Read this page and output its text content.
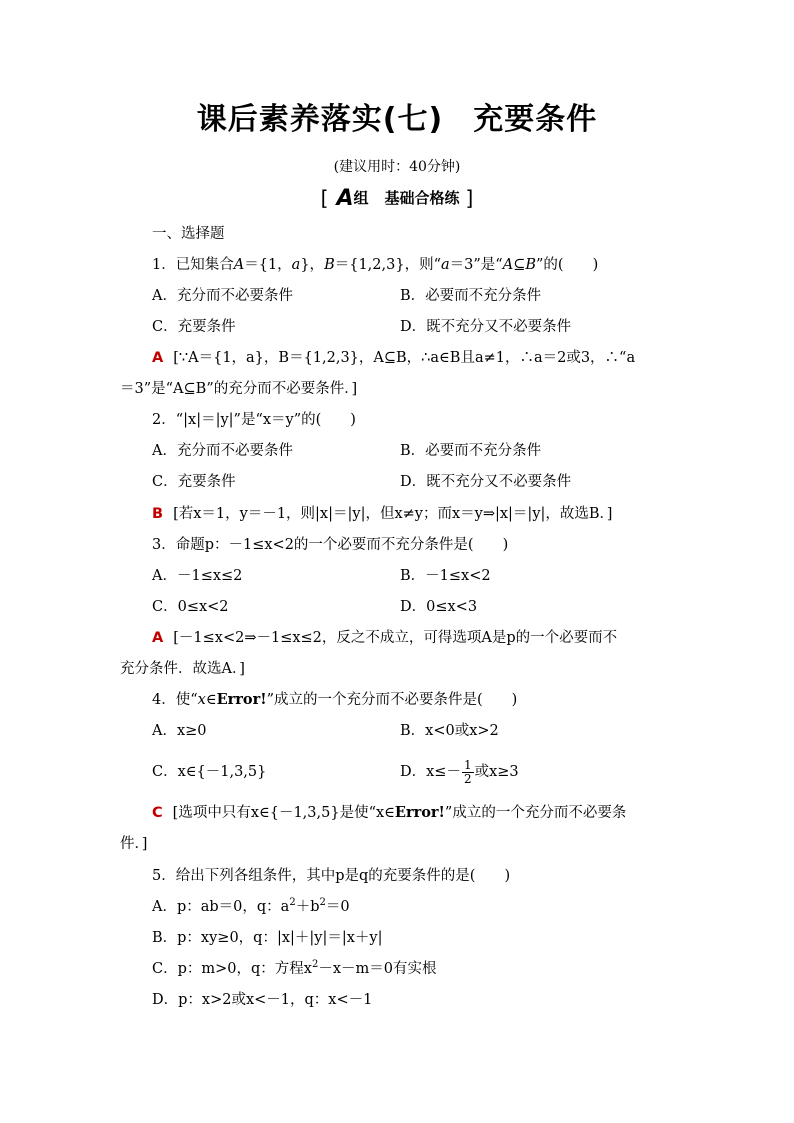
课后素养落实(七) 充要条件
(建议用时：40分钟)
[ A组 基础合格练 ]
一、选择题
1．已知集合A＝{1，a}，B＝{1,2,3}，则“a＝3”是“A⊆B”的(　　)
A．充分而不必要条件	B．必要而不充分条件
C．充要条件	D．既不充分又不必要条件
A [∵A＝{1，a}，B＝{1,2,3}，A⊆B，∴a∈B且a≠1，∴a＝2或3，∴“a
＝3”是“A⊆B”的充分而不必要条件．]
2．“|x|＝|y|”是“x＝y”的(　　)
A．充分而不必要条件	B．必要而不充分条件
C．充要条件	D．既不充分又不必要条件
B [若x＝1，y＝－1，则|x|＝|y|，但x≠y；而x＝y⇒|x|＝|y|，故选B．]
3．命题p：－1≤x<2的一个必要而不充分条件是(　　)
A．－1≤x≤2	B．－1≤x<2
C．0≤x<2	D．0≤x<3
A [－1≤x<2⇒－1≤x≤2，反之不成立，可得选项A是p的一个必要而不
充分条件．故选A．]
4．使“x∈Error!”成立的一个充分而不必要条件是(　　)
A．x≥0	B．x<0或x>2
C．x∈{－1,3,5}	D．$x\le- \frac{1}{2}$ 或x≥3
C [选项中只有x∈{－1,3,5}是使“x∈Error!”成立的一个充分而不必要条
件．]
5．给出下列各组条件，其中p是q的充要条件的是(　　)
A．p：ab＝0，q：$a^2+b^2=0$
B．p：xy≥0，q：|x|＋|y|＝|x＋y|
C．p：m>0，q：方程$x^2-x-m=0$有实根
D．p：x>2或x<－1，q：x<－1
